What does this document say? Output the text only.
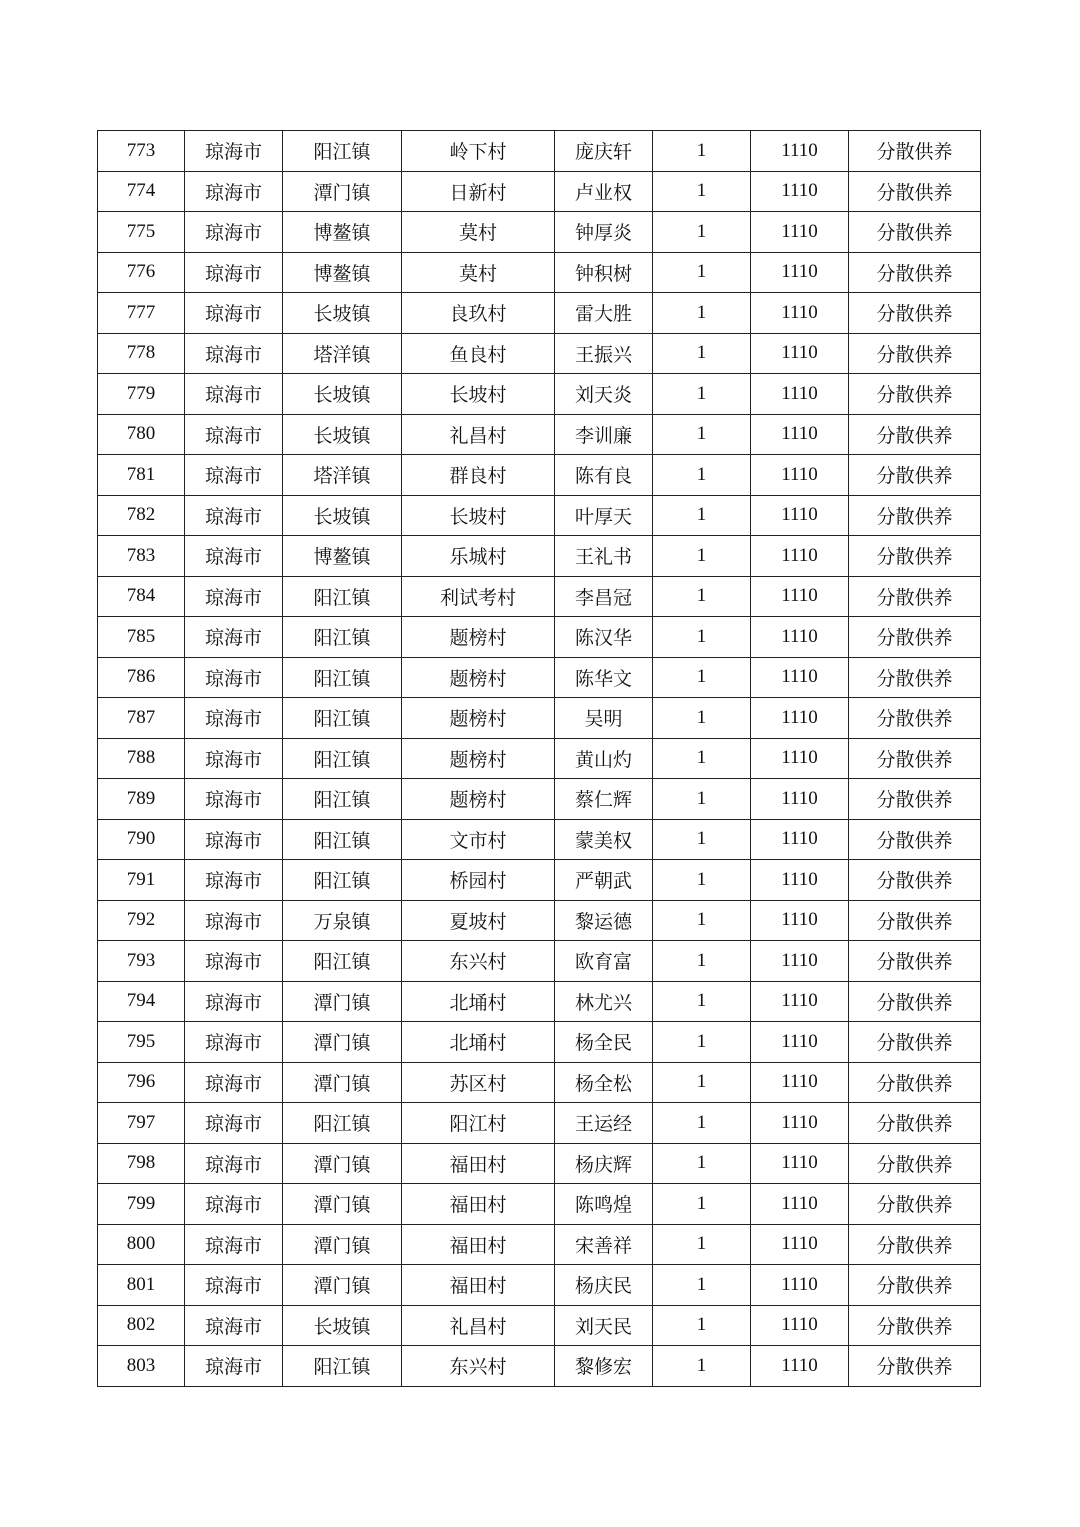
773	琼海市	阳江镇	岭下村	庞庆轩	1	1110	分散供养
774	琼海市	潭门镇	日新村	卢业权	1	1110	分散供养
775	琼海市	博鳌镇	莫村	钟厚炎	1	1110	分散供养
776	琼海市	博鳌镇	莫村	钟积树	1	1110	分散供养
777	琼海市	长坡镇	良玖村	雷大胜	1	1110	分散供养
778	琼海市	塔洋镇	鱼良村	王振兴	1	1110	分散供养
779	琼海市	长坡镇	长坡村	刘天炎	1	1110	分散供养
780	琼海市	长坡镇	礼昌村	李训廉	1	1110	分散供养
781	琼海市	塔洋镇	群良村	陈有良	1	1110	分散供养
782	琼海市	长坡镇	长坡村	叶厚天	1	1110	分散供养
783	琼海市	博鳌镇	乐城村	王礼书	1	1110	分散供养
784	琼海市	阳江镇	利试考村	李昌冠	1	1110	分散供养
785	琼海市	阳江镇	题榜村	陈汉华	1	1110	分散供养
786	琼海市	阳江镇	题榜村	陈华文	1	1110	分散供养
787	琼海市	阳江镇	题榜村	吴明	1	1110	分散供养
788	琼海市	阳江镇	题榜村	黄山灼	1	1110	分散供养
789	琼海市	阳江镇	题榜村	蔡仁辉	1	1110	分散供养
790	琼海市	阳江镇	文市村	蒙美权	1	1110	分散供养
791	琼海市	阳江镇	桥园村	严朝武	1	1110	分散供养
792	琼海市	万泉镇	夏坡村	黎运德	1	1110	分散供养
793	琼海市	阳江镇	东兴村	欧育富	1	1110	分散供养
794	琼海市	潭门镇	北埇村	林尤兴	1	1110	分散供养
795	琼海市	潭门镇	北埇村	杨全民	1	1110	分散供养
796	琼海市	潭门镇	苏区村	杨全松	1	1110	分散供养
797	琼海市	阳江镇	阳江村	王运经	1	1110	分散供养
798	琼海市	潭门镇	福田村	杨庆辉	1	1110	分散供养
799	琼海市	潭门镇	福田村	陈鸣煌	1	1110	分散供养
800	琼海市	潭门镇	福田村	宋善祥	1	1110	分散供养
801	琼海市	潭门镇	福田村	杨庆民	1	1110	分散供养
802	琼海市	长坡镇	礼昌村	刘天民	1	1110	分散供养
803	琼海市	阳江镇	东兴村	黎修宏	1	1110	分散供养
